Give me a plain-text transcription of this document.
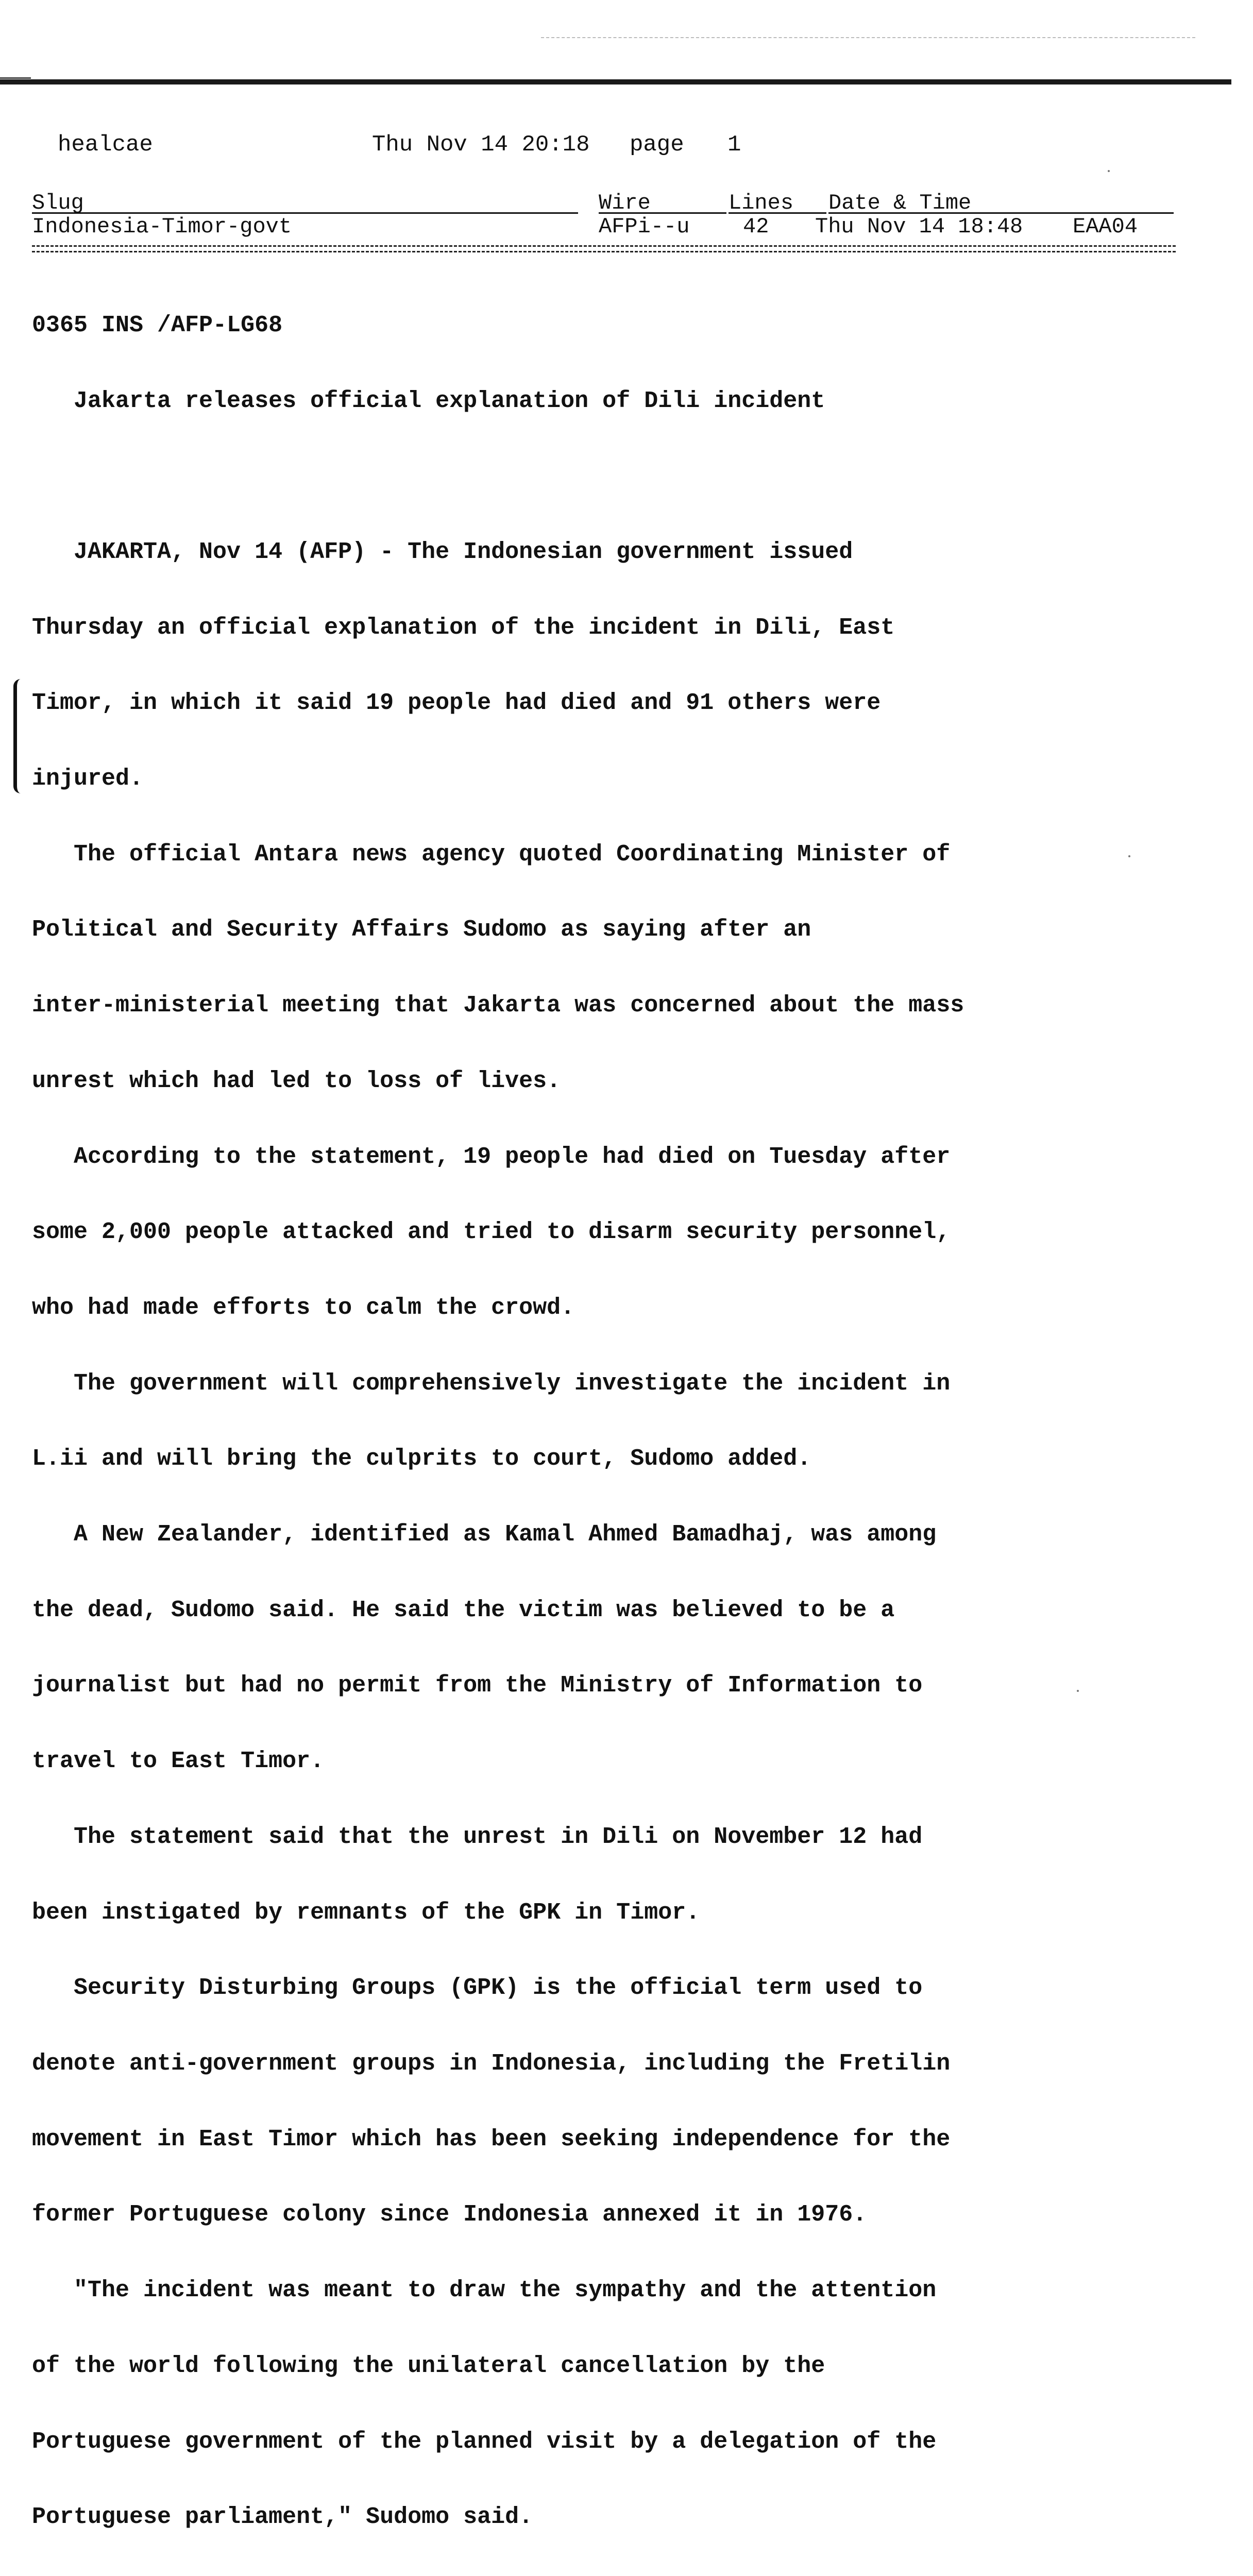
healcae

	Thu Nov 14 20:18

page

1

Slug	Wire	Lines Date & Time
Indonesia-Timor-govt	AFPi--u 42 Thu Nov 14 18:48 EAA04

0365 INS /AFP-LG68

Jakarta releases official explanation of Dili incident

JAKARTA, Nov 14 (AFP) - The Indonesian government issued

Thursday an official explanation of the incident in Dili, East

Timor, in which it said 19 people had died and 91 others were

injured.

The official Antara news agency quoted Coordinating Minister of

Political and Security Affairs Sudomo as saying after an

inter-ministerial meeting that Jakarta was concerned about the mass

unrest which had led to loss of lives.

According to the statement, 19 people had died on Tuesday after

some 2,000 people attacked and tried to disarm security personnel,

who had made efforts to calm the crowd.

The government will comprehensively investigate the incident in

L.ii and will bring the culprits to court, Sudomo added.

A New Zealander, identified as Kamal Ahmed Bamadhaj, was among

the dead, Sudomo said. He said the victim was believed to be a

journalist but had no permit from the Ministry of Information to

travel to East Timor.

The statement said that the unrest in Dili on November 12 had

been instigated by remnants of the GPK in Timor.

Security Disturbing Groups (GPK) is the official term used to

denote anti-government groups in Indonesia, including the Fretilin

movement in East Timor which has been seeking independence for the

former Portuguese colony since Indonesia annexed it in 1976.

"The incident was meant to draw the sympathy and the attention

of the world following the unilateral cancellation by the

Portuguese government of the planned visit by a delegation of the

Portuguese parliament," Sudomo said.
